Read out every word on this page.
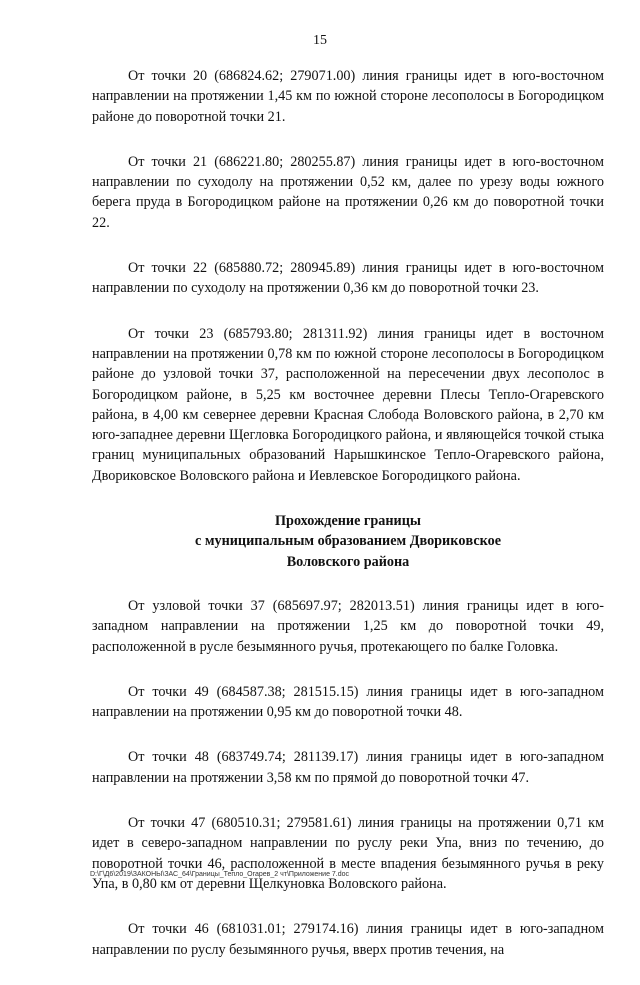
15

От точки 20 (686824.62; 279071.00) линия границы идет в юго-восточном направлении на протяжении 1,45 км по южной стороне лесополосы в Богородицком районе до поворотной точки 21.

От точки 21 (686221.80; 280255.87) линия границы идет в юго-восточном направлении по суходолу на протяжении 0,52 км, далее по урезу воды южного берега пруда в Богородицком районе на протяжении 0,26 км до поворотной точки 22.

От точки 22 (685880.72; 280945.89) линия границы идет в юго-восточном направлении по суходолу на протяжении 0,36 км до поворотной точки 23.

От точки 23 (685793.80; 281311.92) линия границы идет в восточном направлении на протяжении 0,78 км по южной стороне лесополосы в Богородицком районе до узловой точки 37, расположенной на пересечении двух лесополос в Богородицком районе, в 5,25 км восточнее деревни Плесы Тепло-Огаревского района, в 4,00 км севернее деревни Красная Слобода Воловского района, в 2,70 км юго-западнее деревни Щегловка Богородицкого района, и являющейся точкой стыка границ муниципальных образований Нарышкинское Тепло-Огаревского района, Двориковское Воловского района и Иевлевское Богородицкого района.

Прохождение границы
с муниципальным образованием Дворикoвское
Воловского района

От узловой точки 37 (685697.97; 282013.51) линия границы идет в юго-западном направлении на протяжении 1,25 км до поворотной точки 49, расположенной в русле безымянного ручья, протекающего по балке Головка.

От точки 49 (684587.38; 281515.15) линия границы идет в юго-западном направлении на протяжении 0,95 км до поворотной точки 48.

От точки 48 (683749.74; 281139.17) линия границы идет в юго-западном направлении на протяжении 3,58 км по прямой до поворотной точки 47.

От точки 47 (680510.31; 279581.61) линия границы на протяжении 0,71 км идет в северо-западном направлении по руслу реки Упа, вниз по течению, до поворотной точки 46, расположенной в месте впадения безымянного ручья в реку Упа, в 0,80 км от деревни Щелкуновка Воловского района.

От точки 46 (681031.01; 279174.16) линия границы идет в юго-западном направлении по руслу безымянного ручья, вверх против течения, на

D:\Г\Д6\2019\ЗАКОНЫ\ЗАС_64\Границы_Тепло_Огарев_2 чт\Приложение 7.doc
